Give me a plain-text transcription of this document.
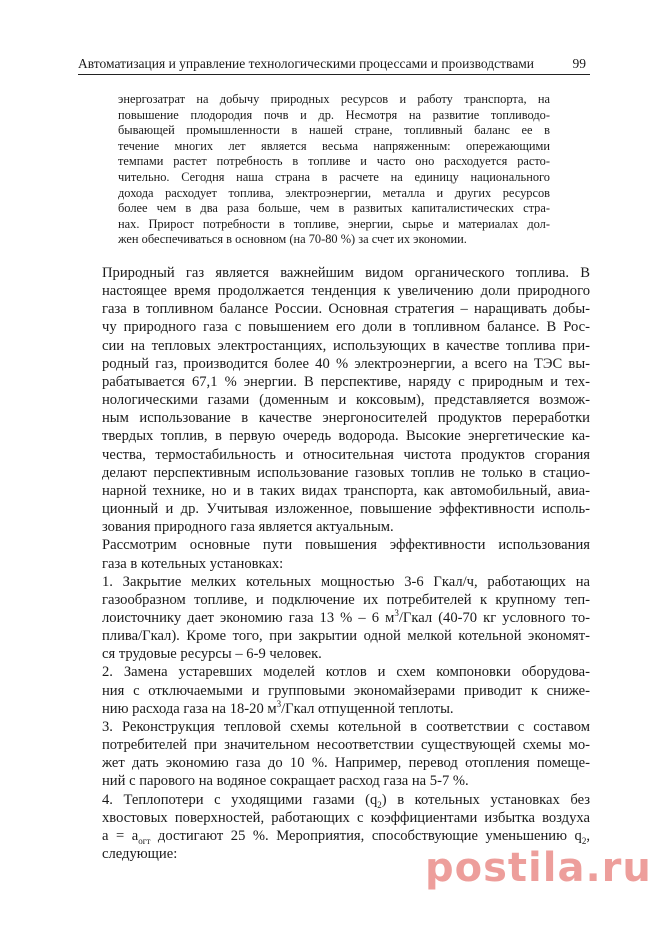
Автоматизация и управление технологическими процессами и производствами	99

энергозатрат на добычу природных ресурсов и работу транспорта, на
повышение плодородия почв и др. Несмотря на развитие топливодо-
бывающей промышленности в нашей стране, топливный баланс ее в
течение многих лет является весьма напряженным: опережающими
темпами растет потребность в топливе и часто оно расходуется расто-
чительно. Сегодня наша страна в расчете на единицу национального
дохода расходует топлива, электроэнергии, металла и других ресурсов
более чем в два раза больше, чем в развитых капиталистических стра-
нах. Прирост потребности в топливе, энергии, сырье и материалах дол-
жен обеспечиваться в основном (на 70-80 %) за счет их экономии.

Природный газ является важнейшим видом органического топлива. В
настоящее время продолжается тенденция к увеличению доли природного
газа в топливном балансе России. Основная стратегия – наращивать добы-
чу природного газа с повышением его доли в топливном балансе. В Рос-
сии на тепловых электростанциях, использующих в качестве топлива при-
родный газ, производится более 40 % электроэнергии, а всего на ТЭС вы-
рабатывается 67,1 % энергии. В перспективе, наряду с природным и тех-
нологическими газами (доменным и коксовым), представляется возмож-
ным использование в качестве энергоносителей продуктов переработки
твердых топлив, в первую очередь водорода. Высокие энергетические ка-
чества, термостабильность и относительная чистота продуктов сгорания
делают перспективным использование газовых топлив не только в стацио-
нарной технике, но и в таких видах транспорта, как автомобильный, авиа-
ционный и др. Учитывая изложенное, повышение эффективности исполь-
зования природного газа является актуальным.

Рассмотрим основные пути повышения эффективности использования
газа в котельных установках:

1. Закрытие мелких котельных мощностью 3-6 Гкал/ч, работающих на
газообразном топливе, и подключение их потребителей к крупному теп-
лоисточнику дает экономию газа 13 % – 6 $м^3$/Гкал (40-70 кг условного то-
плива/Гкал). Кроме того, при закрытии одной мелкой котельной экономят-
ся трудовые ресурсы – 6-9 человек.

2. Замена устаревших моделей котлов и схем компоновки оборудова-
ния с отключаемыми и групповыми экономайзерами приводит к сниже-
нию расхода газа на 18-20 $м^3$/Гкал отпущенной теплоты.

3. Реконструкция тепловой схемы котельной в соответствии с составом
потребителей при значительном несоответствии существующей схемы мо-
жет дать экономию газа до 10 %. Например, перевод отопления помеще-
ний с парового на водяное сокращает расход газа на 5-7 %.

4. Теплопотери с уходящими газами $(q_2)$ в котельных установках без
хвостовых поверхностей, работающих с коэффициентами избытка воздуха
$a = a_{огт}$ достигают 25 %. Мероприятия, способствующие уменьшению $q_2$,
следующие:	postila.ru
